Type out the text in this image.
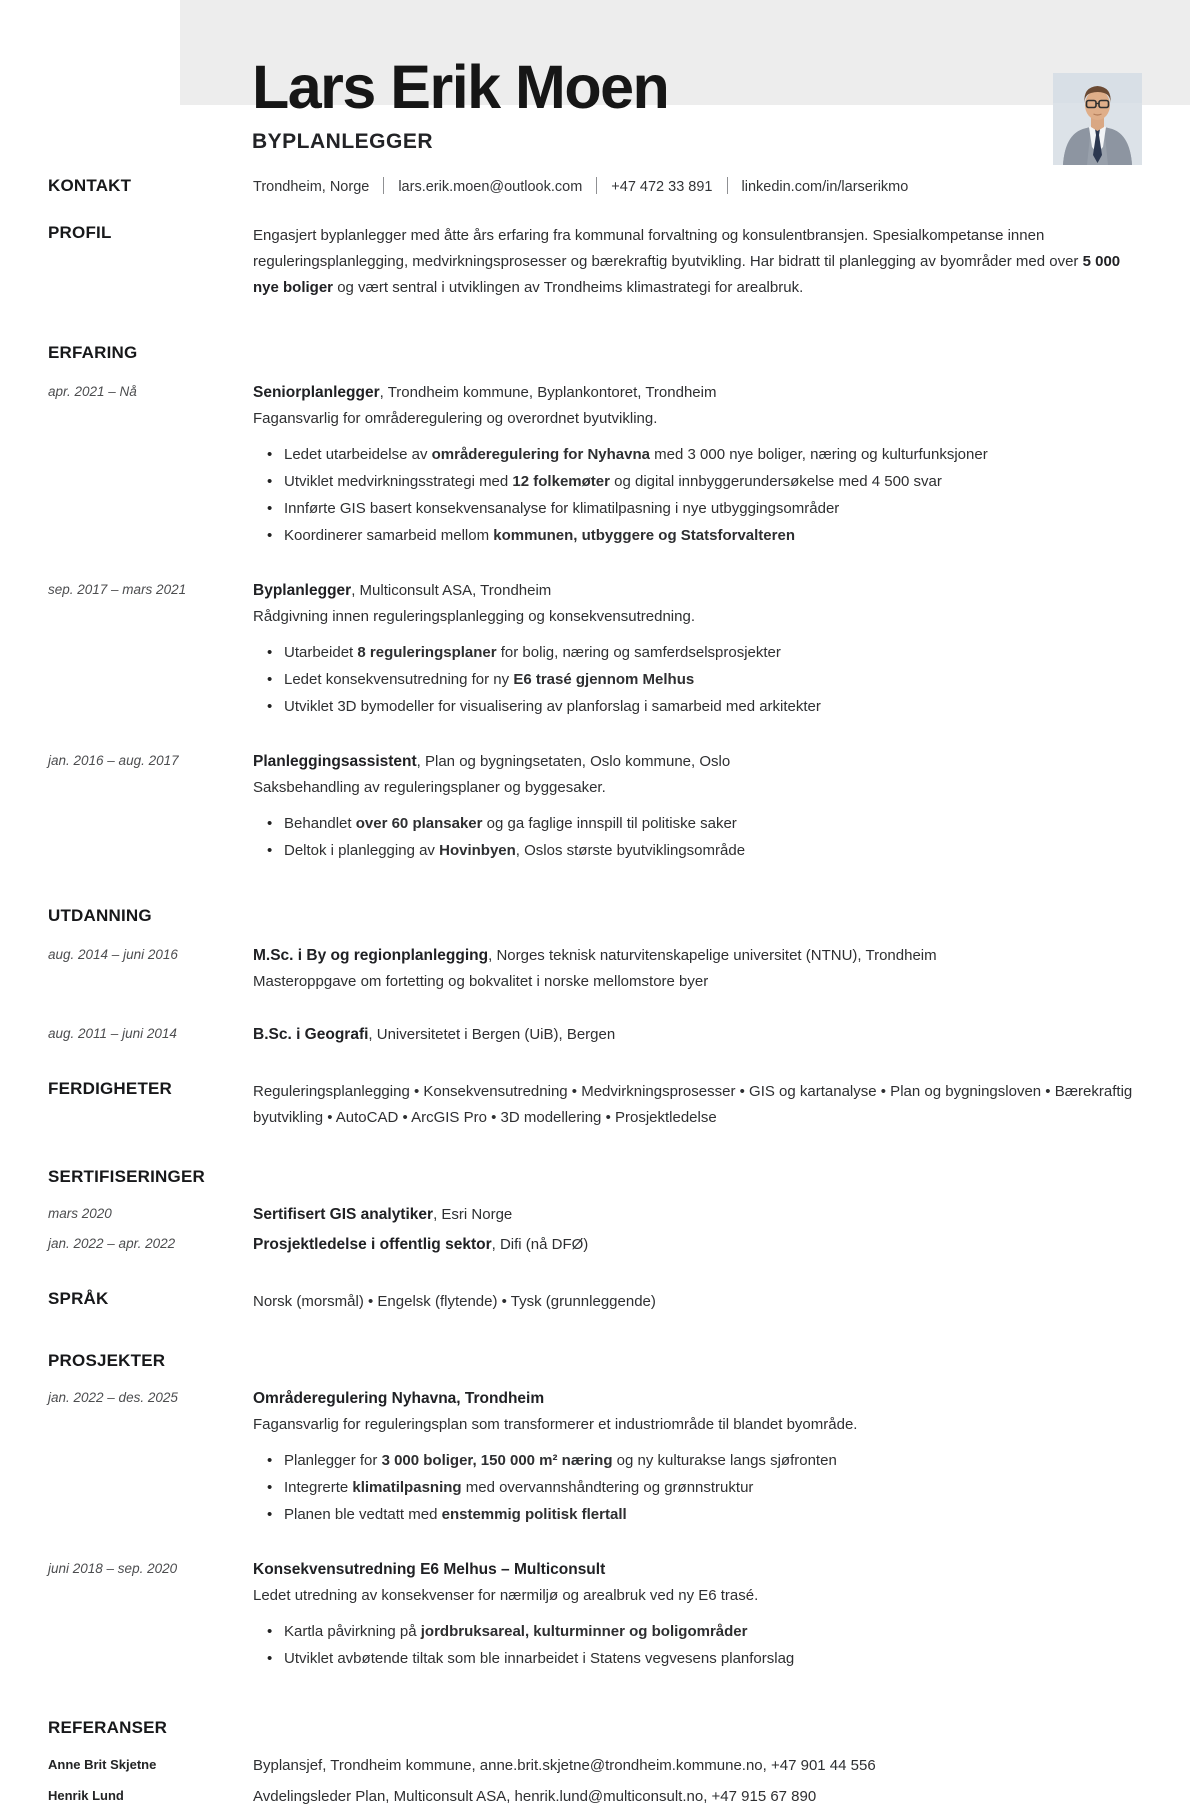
Lars Erik Moen
BYPLANLEGGER
KONTAKT	Trondheim, Norge lars.erik.moen@outlook.com +47 472 33 891 linkedin.com/in/larserikmo
PROFIL	Engasjert byplanlegger med åtte års erfaring fra kommunal forvaltning og konsulentbransjen. Spesialkompetanse innen reguleringsplanlegging, medvirkningsprosesser og bærekraftig byutvikling. Har bidratt til planlegging av byområder med over 5 000 nye boliger og vært sentral i utviklingen av Trondheims klimastrategi for arealbruk.
ERFARING
apr. 2021 – Nå	Seniorplanlegger, Trondheim kommune, Byplankontoret, Trondheim
Fagansvarlig for områderegulering og overordnet byutvikling.
• Ledet utarbeidelse av områderegulering for Nyhavna med 3 000 nye boliger, næring og kulturfunksjoner
• Utviklet medvirkningsstrategi med 12 folkemøter og digital innbyggerundersøkelse med 4 500 svar
• Innførte GIS basert konsekvensanalyse for klimatilpasning i nye utbyggingsområder
• Koordinerer samarbeid mellom kommunen, utbyggere og Statsforvalteren
sep. 2017 – mars 2021	Byplanlegger, Multiconsult ASA, Trondheim
Rådgivning innen reguleringsplanlegging og konsekvensutredning.
• Utarbeidet 8 reguleringsplaner for bolig, næring og samferdselsprosjekter
• Ledet konsekvensutredning for ny E6 trasé gjennom Melhus
• Utviklet 3D bymodeller for visualisering av planforslag i samarbeid med arkitekter
jan. 2016 – aug. 2017	Planleggingsassistent, Plan og bygningsetaten, Oslo kommune, Oslo
Saksbehandling av reguleringsplaner og byggesaker.
• Behandlet over 60 plansaker og ga faglige innspill til politiske saker
• Deltok i planlegging av Hovinbyen, Oslos største byutviklingsområde
UTDANNING
aug. 2014 – juni 2016	M.Sc. i By og regionplanlegging, Norges teknisk naturvitenskapelige universitet (NTNU), Trondheim
Masteroppgave om fortetting og bokvalitet i norske mellomstore byer
aug. 2011 – juni 2014	B.Sc. i Geografi, Universitetet i Bergen (UiB), Bergen
FERDIGHETER	Reguleringsplanlegging • Konsekvensutredning • Medvirkningsprosesser • GIS og kartanalyse • Plan og bygningsloven • Bærekraftig byutvikling • AutoCAD • ArcGIS Pro • 3D modellering • Prosjektledelse
SERTIFISERINGER
mars 2020	Sertifisert GIS analytiker, Esri Norge
jan. 2022 – apr. 2022	Prosjektledelse i offentlig sektor, Difi (nå DFØ)
SPRÅK	Norsk (morsmål) • Engelsk (flytende) • Tysk (grunnleggende)
PROSJEKTER
jan. 2022 – des. 2025	Områderegulering Nyhavna, Trondheim
Fagansvarlig for reguleringsplan som transformerer et industriområde til blandet byområde.
• Planlegger for 3 000 boliger, 150 000 m² næring og ny kulturakse langs sjøfronten
• Integrerte klimatilpasning med overvannshåndtering og grønnstruktur
• Planen ble vedtatt med enstemmig politisk flertall
juni 2018 – sep. 2020	Konsekvensutredning E6 Melhus – Multiconsult
Ledet utredning av konsekvenser for nærmiljø og arealbruk ved ny E6 trasé.
• Kartla påvirkning på jordbruksareal, kulturminner og boligområder
• Utviklet avbøtende tiltak som ble innarbeidet i Statens vegvesens planforslag
REFERANSER
Anne Brit Skjetne	Byplansjef, Trondheim kommune, anne.brit.skjetne@trondheim.kommune.no, +47 901 44 556
Henrik Lund	Avdelingsleder Plan, Multiconsult ASA, henrik.lund@multiconsult.no, +47 915 67 890
